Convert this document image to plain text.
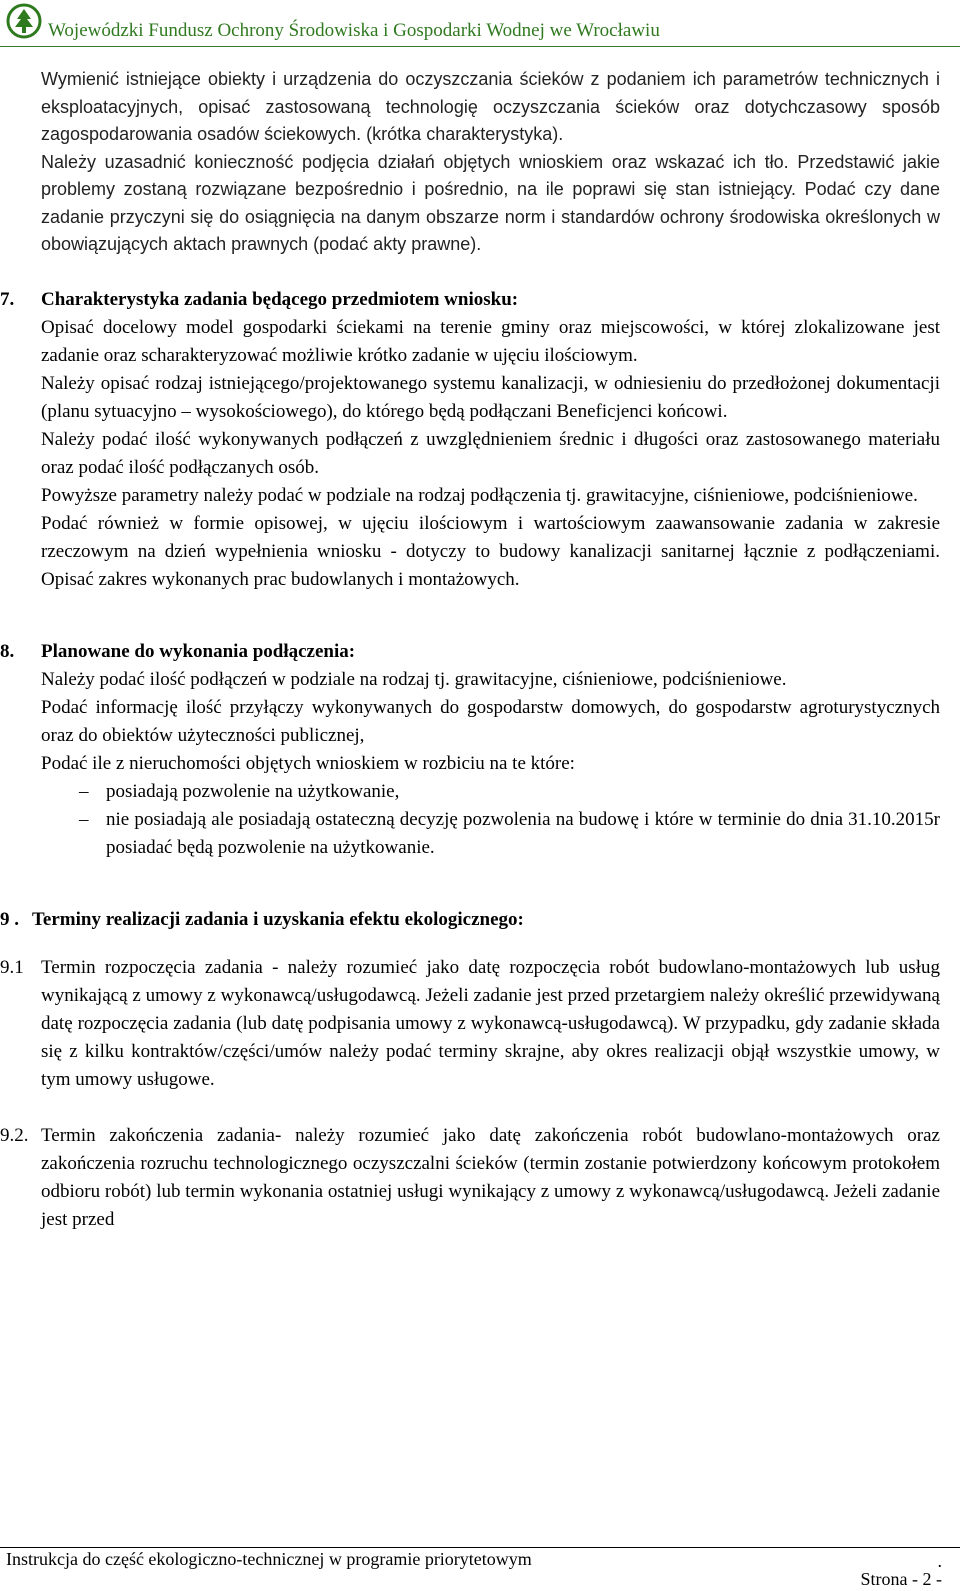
Wojewódzki Fundusz Ochrony Środowiska i Gospodarki Wodnej we Wrocławiu

Wymienić istniejące obiekty i urządzenia do oczyszczania ścieków z podaniem ich parametrów technicznych i eksploatacyjnych, opisać zastosowaną technologię oczyszczania ścieków oraz dotychczasowy sposób zagospodarowania osadów ściekowych. (krótka charakterystyka).

Należy uzasadnić konieczność podjęcia działań objętych wnioskiem oraz wskazać ich tło. Przedstawić jakie problemy zostaną rozwiązane bezpośrednio i pośrednio, na ile poprawi się stan istniejący. Podać czy dane zadanie przyczyni się do osiągnięcia na danym obszarze norm i standardów ochrony środowiska określonych w obowiązujących aktach prawnych (podać akty prawne).

7. Charakterystyka zadania będącego przedmiotem wniosku:

Opisać docelowy model gospodarki ściekami na terenie gminy oraz miejscowości, w której zlokalizowane jest zadanie oraz scharakteryzować możliwie krótko zadanie w ujęciu ilościowym.

Należy opisać rodzaj istniejącego/projektowanego systemu kanalizacji, w odniesieniu do przedłożonej dokumentacji (planu sytuacyjno – wysokościowego), do którego będą podłączani Beneficjenci końcowi.

Należy podać ilość wykonywanych podłączeń z uwzględnieniem średnic i długości oraz zastosowanego materiału oraz podać ilość podłączanych osób.

Powyższe parametry należy podać w podziale na rodzaj podłączenia tj. grawitacyjne, ciśnieniowe, podciśnieniowe.

Podać również w formie opisowej, w ujęciu ilościowym i wartościowym zaawansowanie zadania w zakresie rzeczowym na dzień wypełnienia wniosku - dotyczy to budowy kanalizacji sanitarnej łącznie z podłączeniami. Opisać zakres wykonanych prac budowlanych i montażowych.

8. Planowane do wykonania podłączenia:

Należy podać ilość podłączeń w podziale na rodzaj tj. grawitacyjne, ciśnieniowe, podciśnieniowe.

Podać informację ilość przyłączy wykonywanych do gospodarstw domowych, do gospodarstw agroturystycznych oraz do obiektów użyteczności publicznej,

Podać ile z nieruchomości objętych wnioskiem w rozbiciu na te które:

– posiadają pozwolenie na użytkowanie,
– nie posiadają ale posiadają ostateczną decyzję pozwolenia na budowę i które w terminie do dnia 31.10.2015r posiadać będą pozwolenie na użytkowanie.
9 . Terminy realizacji zadania i uzyskania efektu ekologicznego:
9.1 Termin rozpoczęcia zadania - należy rozumieć jako datę rozpoczęcia robót budowlano-montażowych lub usług wynikającą z umowy z wykonawcą/usługodawcą. Jeżeli zadanie jest przed przetargiem należy określić przewidywaną datę rozpoczęcia zadania (lub datę podpisania umowy z wykonawcą-usługodawcą). W przypadku, gdy zadanie składa się z kilku kontraktów/części/umów należy podać terminy skrajne, aby okres realizacji objął wszystkie umowy, w tym umowy usługowe.
9.2. Termin zakończenia zadania- należy rozumieć jako datę zakończenia robót budowlano-montażowych oraz zakończenia rozruchu technologicznego oczyszczalni ścieków (termin zostanie potwierdzony końcowym protokołem odbioru robót) lub termin wykonania ostatniej usługi wynikający z umowy z wykonawcą/usługodawcą. Jeżeli zadanie jest przed
Instrukcja do część ekologiczno-technicznej w programie priorytetowym	.
Strona - 2 -
